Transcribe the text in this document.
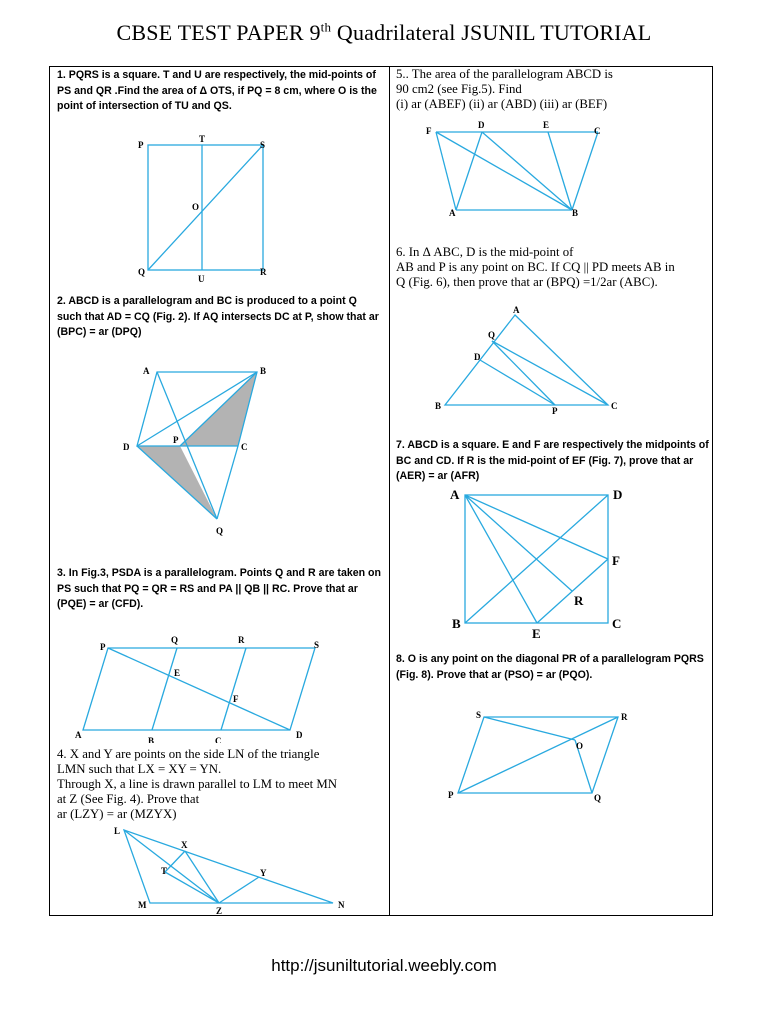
CBSE TEST PAPER 9th Quadrilateral JSUNIL TUTORIAL

1. PQRS is a square. T and U are respectively, the mid-points of PS and QR .Find the area of Δ OTS, if PQ = 8 cm, where O is the point of intersection of TU and QS.

P
T
S
O
Q
U
R

2. ABCD is a parallelogram and BC is produced to a point Q such that AD = CQ (Fig. 2). If AQ intersects DC at P, show that ar (BPC) = ar (DPQ)

A	B
D
P
C
Q

3. In Fig.3, PSDA is a parallelogram. Points Q and R are taken on PS such that PQ = QR = RS and PA || QB || RC. Prove that ar (PQE) = ar (CFD).

P
Q	R	S
E
F
A
B	C
D

4. X and Y are points on the side LN of the triangle
LMN such that LX = XY = YN.
Through X, a line is drawn parallel to LM to meet MN
at Z (See Fig. 4). Prove that
ar (LZY) = ar (MZYX)

L
X
T	Y
M
Z
N

5.. The area of the parallelogram ABCD is
90 cm2 (see Fig.5). Find
(i) ar (ABEF) (ii) ar (ABD) (iii) ar (BEF)

F
D	E
C
A	B

6. In Δ ABC, D is the mid-point of
AB and P is any point on BC. If CQ || PD meets AB in
Q (Fig. 6), then prove that ar (BPQ) =1/2ar (ABC).

A
Q
D
B	P	C

7. ABCD is a square. E and F are respectively the midpoints of BC and CD. If R is the mid-point of EF (Fig. 7), prove that ar (AER) = ar (AFR)

A	D
F
R
B
E
C

8. O is any point on the diagonal PR of a parallelogram PQRS (Fig. 8). Prove that ar (PSO) = ar (PQO).

S	R
O
P	Q
http://jsuniltutorial.weebly.com
